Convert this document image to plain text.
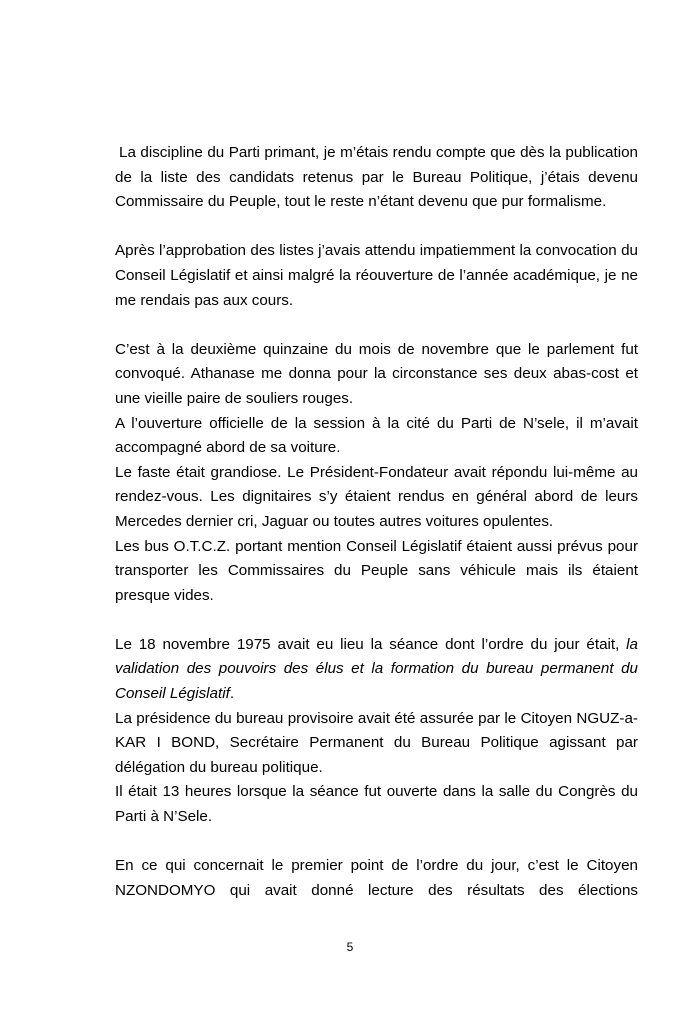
La discipline du Parti primant, je m’étais rendu compte que dès la publication de la liste des candidats retenus par le Bureau Politique, j’étais devenu Commissaire du Peuple, tout le reste n’étant devenu que pur formalisme.

Après l’approbation des listes j’avais attendu impatiemment la convocation du Conseil Législatif et ainsi malgré la réouverture de l’année académique, je ne me rendais pas aux cours.

C’est à la deuxième quinzaine du mois de novembre que le parlement fut convoqué. Athanase me donna pour la circonstance ses deux abas-cost et une vieille paire de souliers rouges.

A l’ouverture officielle de la session à la cité du Parti de N’sele, il m’avait accompagné abord de sa voiture.

Le faste était grandiose. Le Président-Fondateur avait répondu lui-même au rendez-vous. Les dignitaires s’y étaient rendus en général abord de leurs Mercedes dernier cri, Jaguar ou toutes autres voitures opulentes.

Les bus O.T.C.Z. portant mention Conseil Législatif étaient aussi prévus pour transporter les Commissaires du Peuple sans véhicule mais ils étaient presque vides.

Le 18 novembre 1975 avait eu lieu la séance dont l’ordre du jour était, la validation des pouvoirs des élus et la formation du bureau permanent du Conseil Législatif.

La présidence du bureau provisoire avait été assurée par le Citoyen NGUZ-a-KAR I BOND, Secrétaire Permanent du Bureau Politique agissant par délégation du bureau politique.

Il était 13 heures lorsque la séance fut ouverte dans la salle du Congrès du Parti à N’Sele.

En ce qui concernait le premier point de l’ordre du jour, c’est le Citoyen NZONDOMYO qui avait donné lecture des résultats des élections

5
